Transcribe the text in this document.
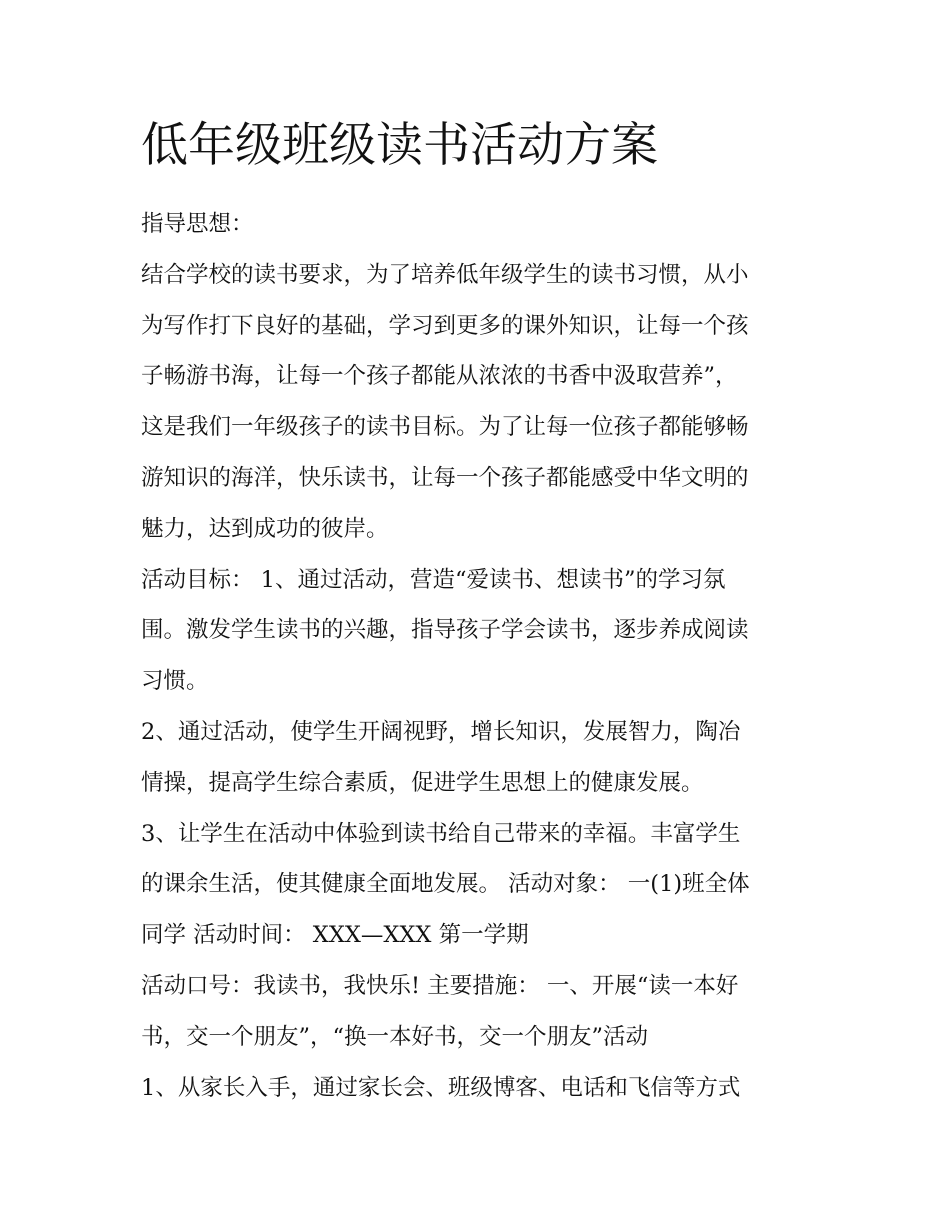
低年级班级读书活动方案
指导思想：
结合学校的读书要求，为了培养低年级学生的读书习惯，从小
为写作打下良好的基础，学习到更多的课外知识，让每一个孩
子畅游书海，让每一个孩子都能从浓浓的书香中汲取营养”，
这是我们一年级孩子的读书目标。为了让每一位孩子都能够畅
游知识的海洋，快乐读书，让每一个孩子都能感受中华文明的
魅力，达到成功的彼岸。
活动目标： 1、通过活动，营造“爱读书、想读书”的学习氛
围。激发学生读书的兴趣，指导孩子学会读书，逐步养成阅读
习惯。
2、通过活动，使学生开阔视野，增长知识，发展智力，陶冶
情操，提高学生综合素质，促进学生思想上的健康发展。
3、让学生在活动中体验到读书给自己带来的幸福。丰富学生
的课余生活，使其健康全面地发展。 活动对象： 一(1)班全体
同学 活动时间： XXX—XXX 第一学期
活动口号：我读书，我快乐! 主要措施： 一、开展“读一本好
书，交一个朋友”，“换一本好书，交一个朋友”活动
1、从家长入手，通过家长会、班级博客、电话和飞信等方式
